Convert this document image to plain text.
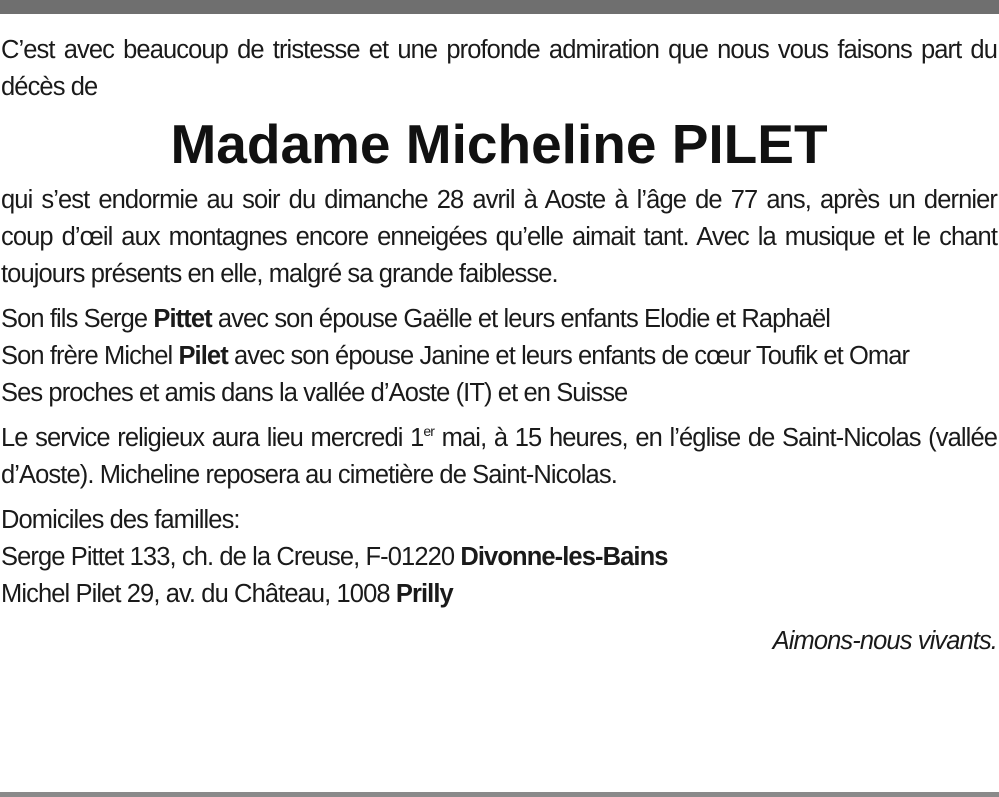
C’est avec beaucoup de tristesse et une profonde admiration que nous vous faisons part du décès de

Madame Micheline PILET

qui s’est endormie au soir du dimanche 28 avril à Aoste à l’âge de 77 ans, après un dernier coup d’œil aux montagnes encore enneigées qu’elle aimait tant. Avec la musique et le chant toujours présents en elle, malgré sa grande faiblesse.

Son fils Serge Pittet avec son épouse Gaëlle et leurs enfants Elodie et Raphaël
Son frère Michel Pilet avec son épouse Janine et leurs enfants de cœur Toufik et Omar
Ses proches et amis dans la vallée d’Aoste (IT) et en Suisse

Le service religieux aura lieu mercredi 1er mai, à 15 heures, en l’église de Saint-Nicolas (vallée d’Aoste). Micheline reposera au cimetière de Saint-Nicolas.

Domiciles des familles:
Serge Pittet 133, ch. de la Creuse, F-01220 Divonne-les-Bains
Michel Pilet 29, av. du Château, 1008 Prilly

Aimons-nous vivants.
